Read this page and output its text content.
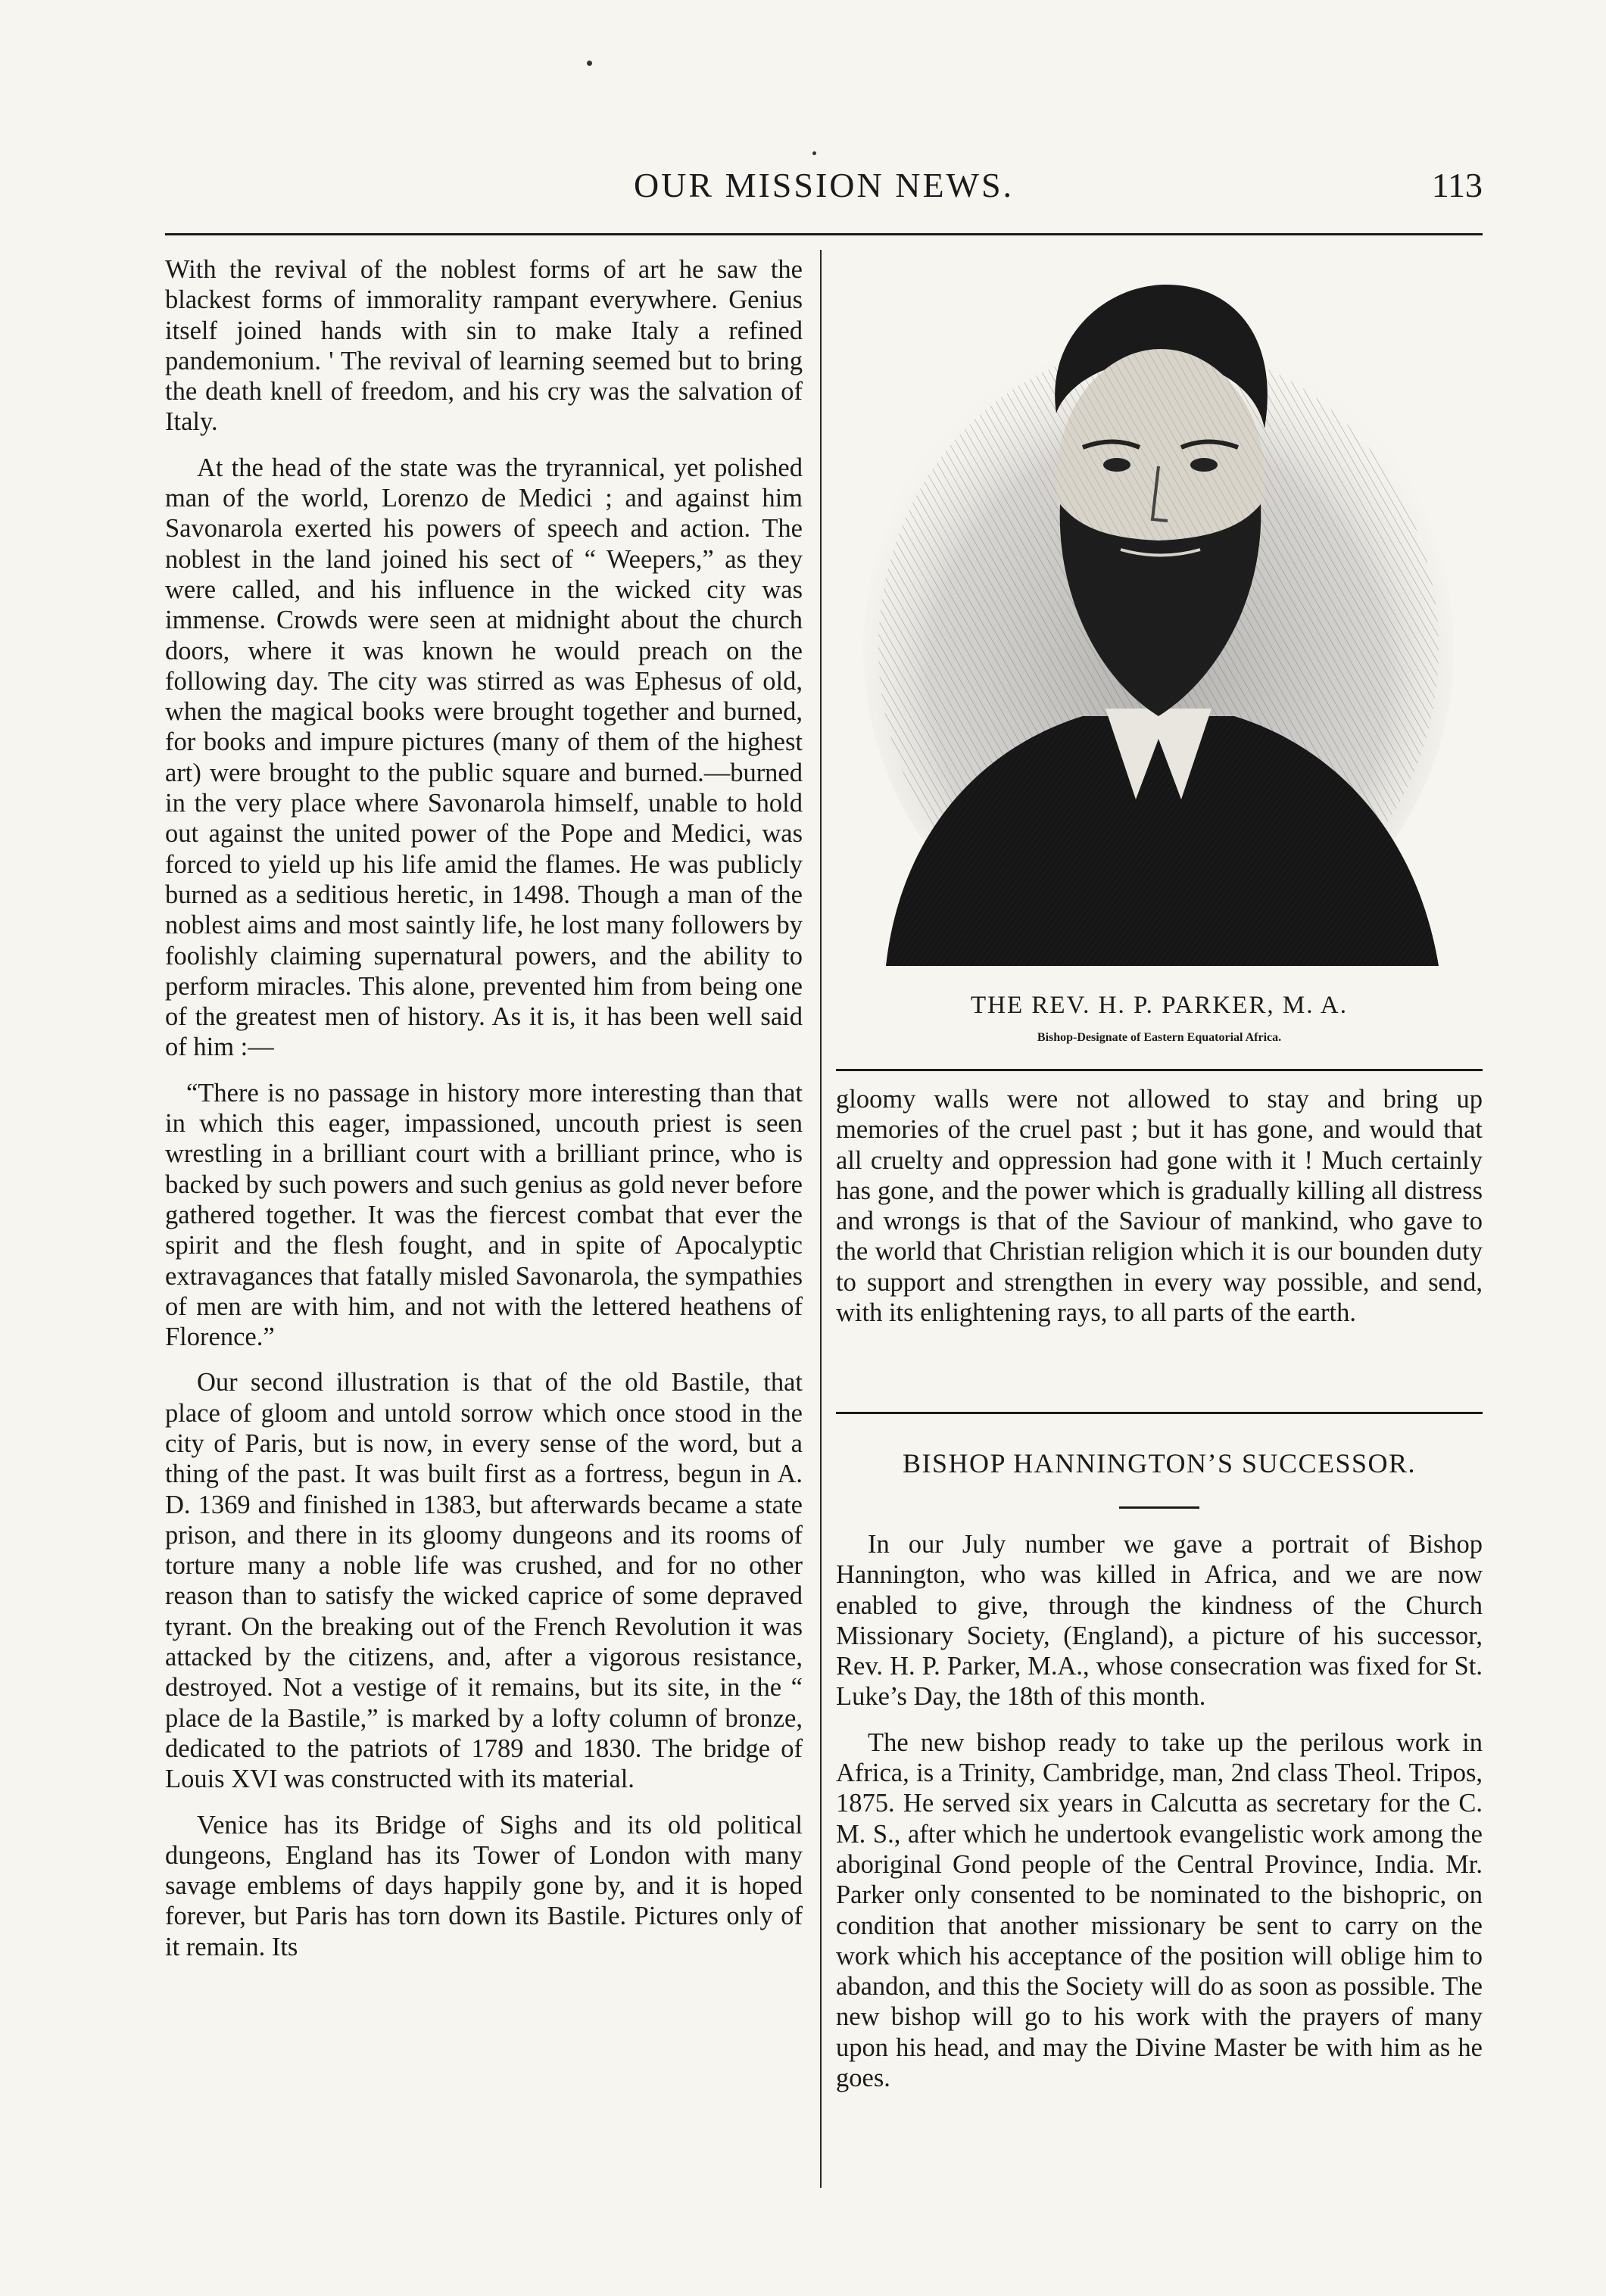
OUR MISSION NEWS.	113

With the revival of the noblest forms of art he saw the blackest forms of immorality rampant everywhere. Genius itself joined hands with sin to make Italy a refined pandemonium. ' The revival of learning seemed but to bring the death knell of freedom, and his cry was the salvation of Italy.

At the head of the state was the tryrannical, yet polished man of the world, Lorenzo de Medici ; and against him Savonarola exerted his powers of speech and action. The noblest in the land joined his sect of “ Weepers,” as they were called, and his influence in the wicked city was immense. Crowds were seen at midnight about the church doors, where it was known he would preach on the following day. The city was stirred as was Ephesus of old, when the magical books were brought together and burned, for books and impure pictures (many of them of the highest art) were brought to the public square and burned.—burned in the very place where Savonarola himself, unable to hold out against the united power of the Pope and Medici, was forced to yield up his life amid the flames. He was publicly burned as a seditious heretic, in 1498. Though a man of the noblest aims and most saintly life, he lost many followers by foolishly claiming supernatural powers, and the ability to perform miracles. This alone, prevented him from being one of the greatest men of history. As it is, it has been well said of him :—

“There is no passage in history more interesting than that in which this eager, impassioned, uncouth priest is seen wrestling in a brilliant court with a brilliant prince, who is backed by such powers and such genius as gold never before gathered together. It was the fiercest combat that ever the spirit and the flesh fought, and in spite of Apocalyptic extravagances that fatally misled Savonarola, the sympathies of men are with him, and not with the lettered heathens of Florence.”

Our second illustration is that of the old Bastile, that place of gloom and untold sorrow which once stood in the city of Paris, but is now, in every sense of the word, but a thing of the past. It was built first as a fortress, begun in A. D. 1369 and finished in 1383, but afterwards became a state prison, and there in its gloomy dungeons and its rooms of torture many a noble life was crushed, and for no other reason than to satisfy the wicked caprice of some depraved tyrant. On the breaking out of the French Revolution it was attacked by the citizens, and, after a vigorous resistance, destroyed. Not a vestige of it remains, but its site, in the “ place de la Bastile,” is marked by a lofty column of bronze, dedicated to the patriots of 1789 and 1830. The bridge of Louis XVI was constructed with its material.

Venice has its Bridge of Sighs and its old political dungeons, England has its Tower of London with many savage emblems of days happily gone by, and it is hoped forever, but Paris has torn down its Bastile. Pictures only of it remain. Its

THE REV. H. P. PARKER, M. A.
Bishop-Designate of Eastern Equatorial Africa.

gloomy walls were not allowed to stay and bring up memories of the cruel past ; but it has gone, and would that all cruelty and oppression had gone with it ! Much certainly has gone, and the power which is gradually killing all distress and wrongs is that of the Saviour of mankind, who gave to the world that Christian religion which it is our bounden duty to support and strengthen in every way possible, and send, with its enlightening rays, to all parts of the earth.

BISHOP HANNINGTON’S SUCCESSOR.

In our July number we gave a portrait of Bishop Hannington, who was killed in Africa, and we are now enabled to give, through the kindness of the Church Missionary Society, (England), a picture of his successor, Rev. H. P. Parker, M.A., whose consecration was fixed for St. Luke’s Day, the 18th of this month.

The new bishop ready to take up the perilous work in Africa, is a Trinity, Cambridge, man, 2nd class Theol. Tripos, 1875. He served six years in Calcutta as secretary for the C. M. S., after which he undertook evangelistic work among the aboriginal Gond people of the Central Province, India. Mr. Parker only consented to be nominated to the bishopric, on condition that another missionary be sent to carry on the work which his acceptance of the position will oblige him to abandon, and this the Society will do as soon as possible. The new bishop will go to his work with the prayers of many upon his head, and may the Divine Master be with him as he goes.
